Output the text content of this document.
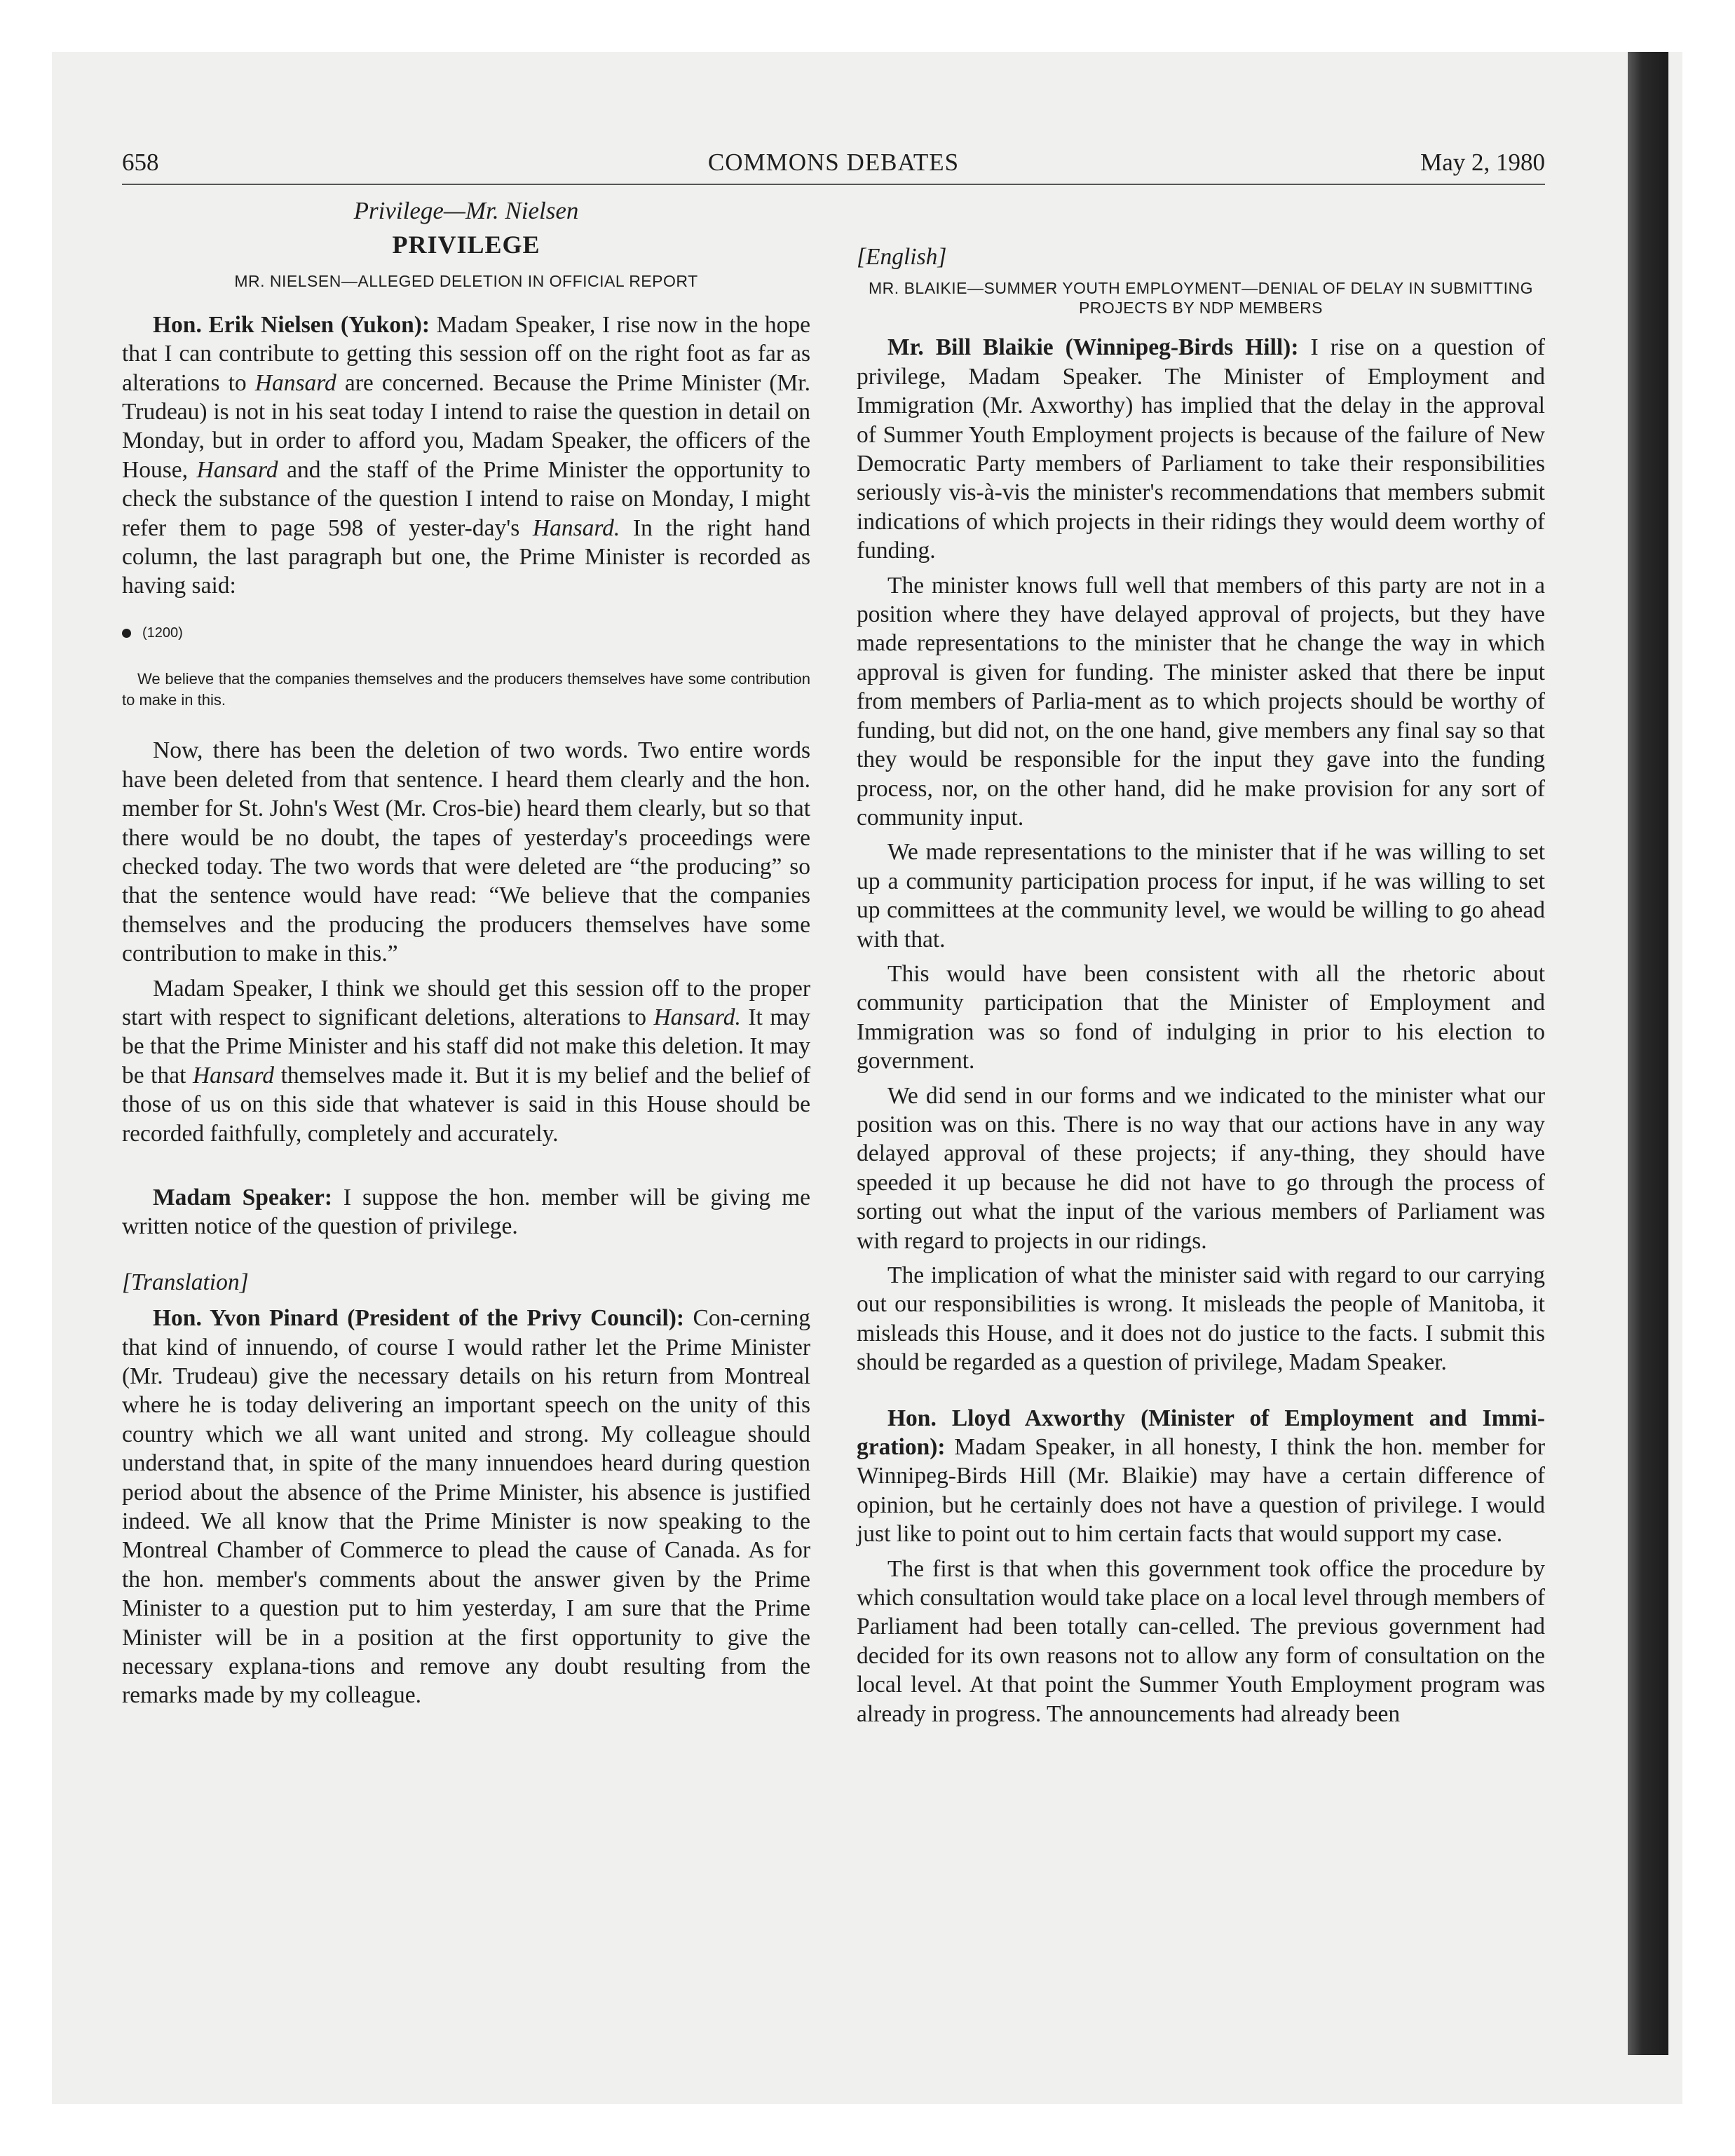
658	COMMONS DEBATES	May 2, 1980

Privilege—Mr. Nielsen

PRIVILEGE

MR. NIELSEN—ALLEGED DELETION IN OFFICIAL REPORT

Hon. Erik Nielsen (Yukon): Madam Speaker, I rise now in the hope that I can contribute to getting this session off on the right foot as far as alterations to Hansard are concerned. Because the Prime Minister (Mr. Trudeau) is not in his seat today I intend to raise the question in detail on Monday, but in order to afford you, Madam Speaker, the officers of the House, Hansard and the staff of the Prime Minister the opportunity to check the substance of the question I intend to raise on Monday, I might refer them to page 598 of yester-day's Hansard. In the right hand column, the last paragraph but one, the Prime Minister is recorded as having said:

(1200)

We believe that the companies themselves and the producers themselves have some contribution to make in this.

Now, there has been the deletion of two words. Two entire words have been deleted from that sentence. I heard them clearly and the hon. member for St. John's West (Mr. Cros-bie) heard them clearly, but so that there would be no doubt, the tapes of yesterday's proceedings were checked today. The two words that were deleted are “the producing” so that the sentence would have read: “We believe that the companies themselves and the producing the producers themselves have some contribution to make in this.”

Madam Speaker, I think we should get this session off to the proper start with respect to significant deletions, alterations to Hansard. It may be that the Prime Minister and his staff did not make this deletion. It may be that Hansard themselves made it. But it is my belief and the belief of those of us on this side that whatever is said in this House should be recorded faithfully, completely and accurately.

Madam Speaker: I suppose the hon. member will be giving me written notice of the question of privilege.

[Translation]

Hon. Yvon Pinard (President of the Privy Council): Con-cerning that kind of innuendo, of course I would rather let the Prime Minister (Mr. Trudeau) give the necessary details on his return from Montreal where he is today delivering an important speech on the unity of this country which we all want united and strong. My colleague should understand that, in spite of the many innuendoes heard during question period about the absence of the Prime Minister, his absence is justified indeed. We all know that the Prime Minister is now speaking to the Montreal Chamber of Commerce to plead the cause of Canada. As for the hon. member's comments about the answer given by the Prime Minister to a question put to him yesterday, I am sure that the Prime Minister will be in a position at the first opportunity to give the necessary explana-tions and remove any doubt resulting from the remarks made by my colleague.

[English]

MR. BLAIKIE—SUMMER YOUTH EMPLOYMENT—DENIAL OF DELAY IN SUBMITTING PROJECTS BY NDP MEMBERS

Mr. Bill Blaikie (Winnipeg-Birds Hill): I rise on a question of privilege, Madam Speaker. The Minister of Employment and Immigration (Mr. Axworthy) has implied that the delay in the approval of Summer Youth Employment projects is because of the failure of New Democratic Party members of Parliament to take their responsibilities seriously vis-à-vis the minister's recommendations that members submit indications of which projects in their ridings they would deem worthy of funding.

The minister knows full well that members of this party are not in a position where they have delayed approval of projects, but they have made representations to the minister that he change the way in which approval is given for funding. The minister asked that there be input from members of Parlia-ment as to which projects should be worthy of funding, but did not, on the one hand, give members any final say so that they would be responsible for the input they gave into the funding process, nor, on the other hand, did he make provision for any sort of community input.

We made representations to the minister that if he was willing to set up a community participation process for input, if he was willing to set up committees at the community level, we would be willing to go ahead with that.

This would have been consistent with all the rhetoric about community participation that the Minister of Employment and Immigration was so fond of indulging in prior to his election to government.

We did send in our forms and we indicated to the minister what our position was on this. There is no way that our actions have in any way delayed approval of these projects; if any-thing, they should have speeded it up because he did not have to go through the process of sorting out what the input of the various members of Parliament was with regard to projects in our ridings.

The implication of what the minister said with regard to our carrying out our responsibilities is wrong. It misleads the people of Manitoba, it misleads this House, and it does not do justice to the facts. I submit this should be regarded as a question of privilege, Madam Speaker.

Hon. Lloyd Axworthy (Minister of Employment and Immi-gration): Madam Speaker, in all honesty, I think the hon. member for Winnipeg-Birds Hill (Mr. Blaikie) may have a certain difference of opinion, but he certainly does not have a question of privilege. I would just like to point out to him certain facts that would support my case.

The first is that when this government took office the procedure by which consultation would take place on a local level through members of Parliament had been totally can-celled. The previous government had decided for its own reasons not to allow any form of consultation on the local level. At that point the Summer Youth Employment program was already in progress. The announcements had already been
